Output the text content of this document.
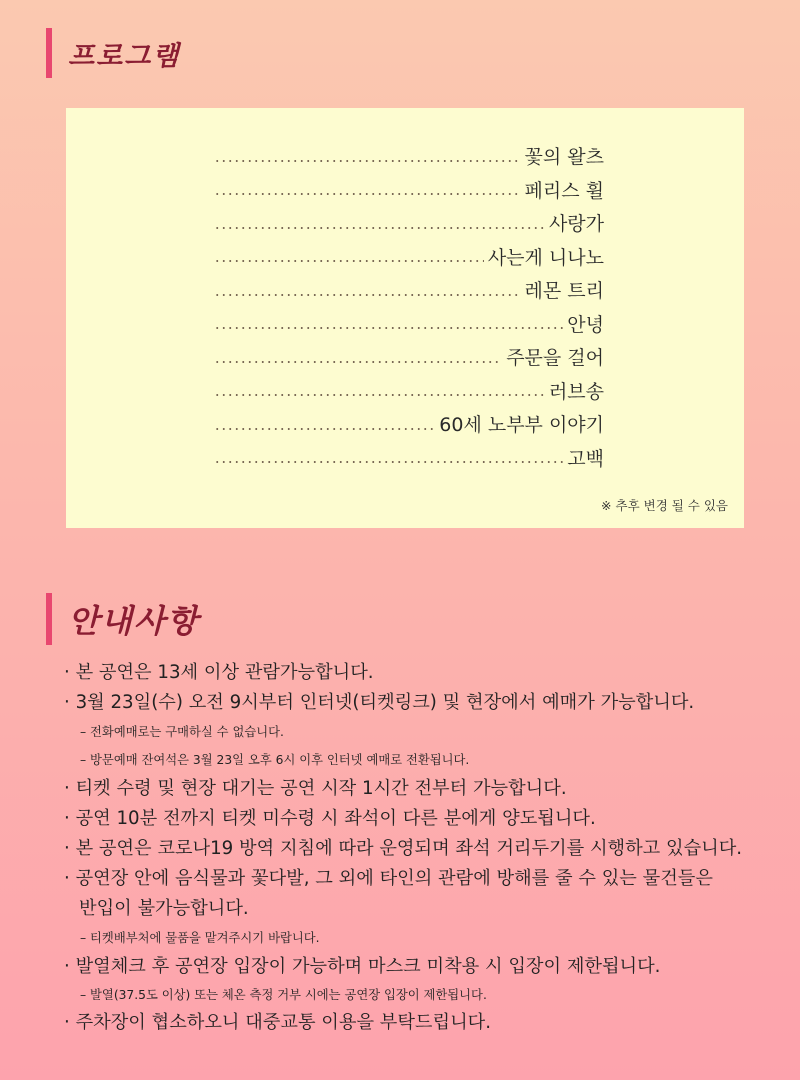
프로그램
꽃의 왈츠
페리스 휠
사랑가
사는게 니나노
레몬 트리
안녕
주문을 걸어
러브송
60세 노부부 이야기
고백
※ 추후 변경 될 수 있음
안내사항
· 본 공연은 13세 이상 관람가능합니다.
· 3월 23일(수) 오전 9시부터 인터넷(티켓링크) 및 현장에서 예매가 가능합니다.
– 전화예매로는 구매하실 수 없습니다.
– 방문예매 잔여석은 3월 23일 오후 6시 이후 인터넷 예매로 전환됩니다.
· 티켓 수령 및 현장 대기는 공연 시작 1시간 전부터 가능합니다.
· 공연 10분 전까지 티켓 미수령 시 좌석이 다른 분에게 양도됩니다.
· 본 공연은 코로나19 방역 지침에 따라 운영되며 좌석 거리두기를 시행하고 있습니다.
· 공연장 안에 음식물과 꽃다발, 그 외에 타인의 관람에 방해를 줄 수 있는 물건들은
반입이 불가능합니다.
– 티켓배부처에 물품을 맡겨주시기 바랍니다.
· 발열체크 후 공연장 입장이 가능하며 마스크 미착용 시 입장이 제한됩니다.
– 발열(37.5도 이상) 또는 체온 측정 거부 시에는 공연장 입장이 제한됩니다.
· 주차장이 협소하오니 대중교통 이용을 부탁드립니다.
